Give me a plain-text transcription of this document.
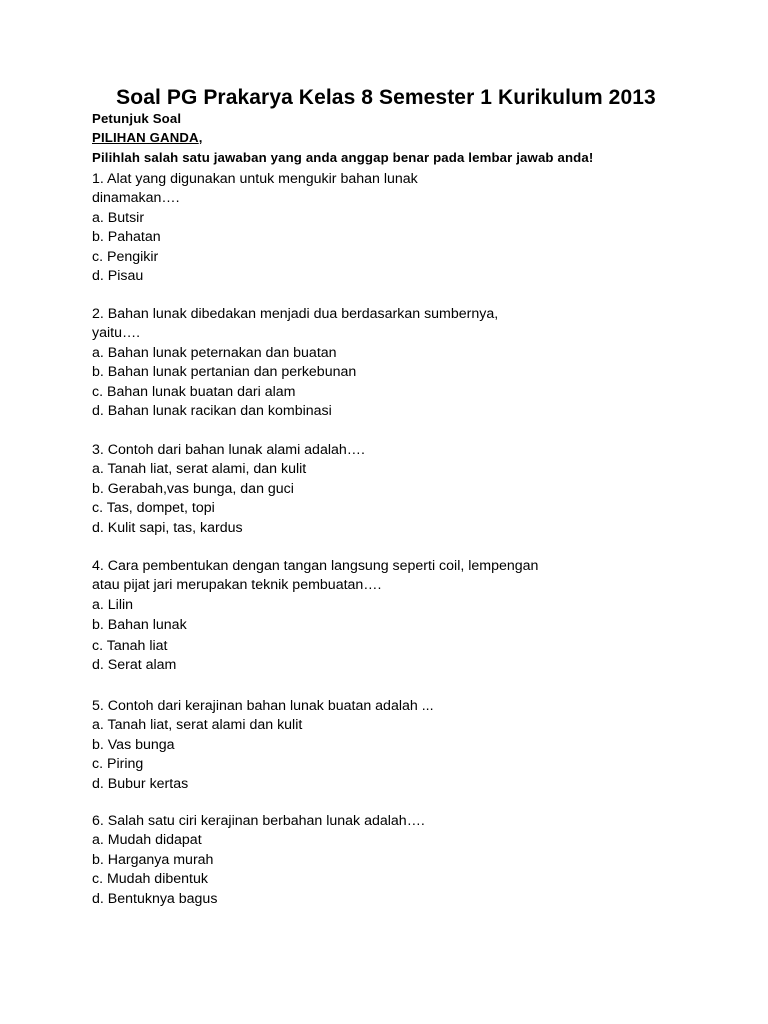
Soal PG Prakarya Kelas 8 Semester 1 Kurikulum 2013
Petunjuk Soal
PILIHAN GANDA,
Pilihlah salah satu jawaban yang anda anggap benar pada lembar jawab anda!
1. Alat yang digunakan untuk mengukir bahan lunak
dinamakan….
a. Butsir
b. Pahatan
c. Pengikir
d. Pisau
2. Bahan lunak dibedakan menjadi dua berdasarkan sumbernya,
yaitu….
a. Bahan lunak peternakan dan buatan
b. Bahan lunak pertanian dan perkebunan
c. Bahan lunak buatan dari alam
d. Bahan lunak racikan dan kombinasi
3. Contoh dari bahan lunak alami adalah….
a. Tanah liat, serat alami, dan kulit
b. Gerabah,vas bunga, dan guci
c. Tas, dompet, topi
d. Kulit sapi, tas, kardus
4. Cara pembentukan dengan tangan langsung seperti coil, lempengan
atau pijat jari merupakan teknik pembuatan….
a. Lilin
b. Bahan lunak
c. Tanah liat
d. Serat alam
5. Contoh dari kerajinan bahan lunak buatan adalah ...
a. Tanah liat, serat alami dan kulit
b. Vas bunga
c. Piring
d. Bubur kertas
6. Salah satu ciri kerajinan berbahan lunak adalah….
a. Mudah didapat
b. Harganya murah
c. Mudah dibentuk
d. Bentuknya bagus
